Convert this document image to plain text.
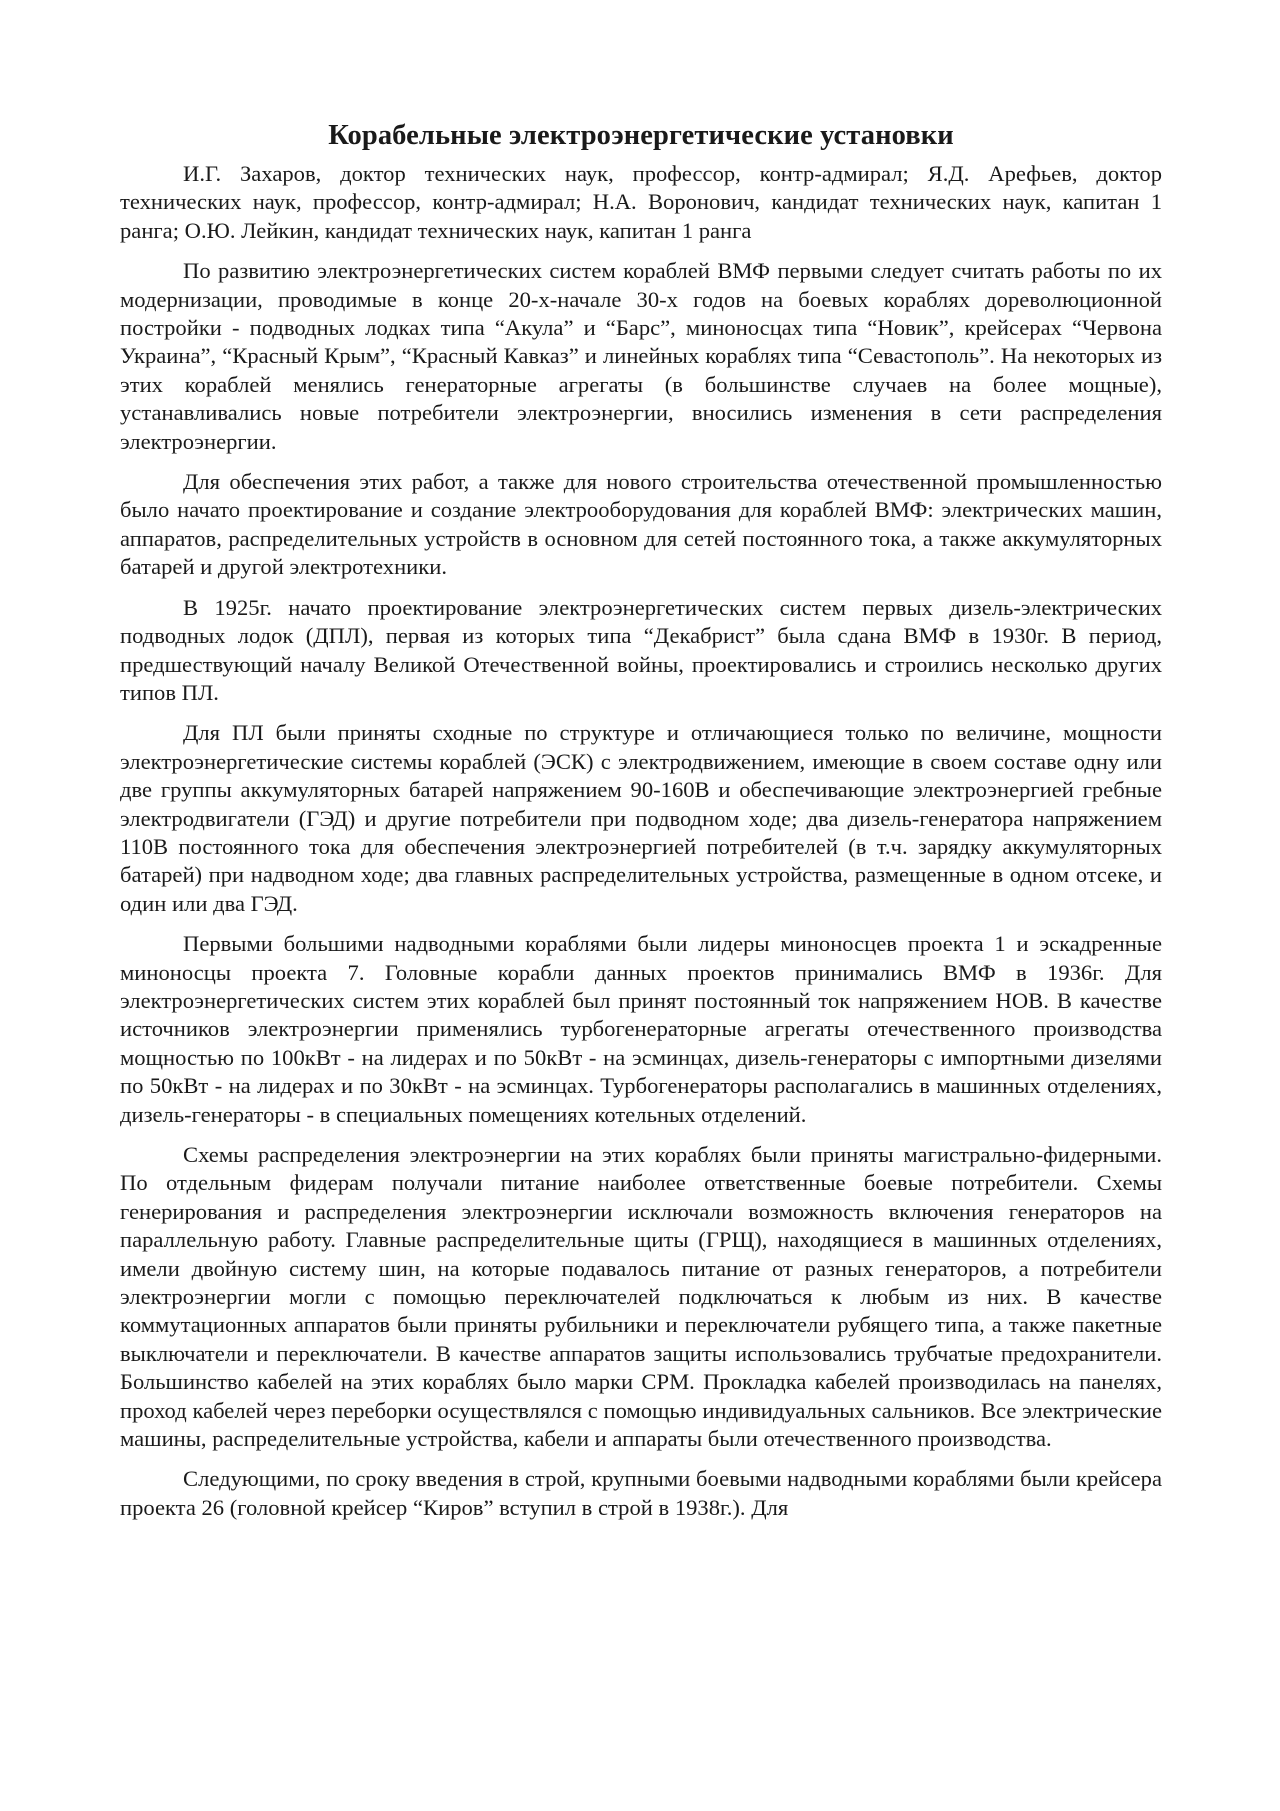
Корабельные электроэнергетические установки

И.Г. Захаров, доктор технических наук, профессор, контр-адмирал; Я.Д. Арефьев, доктор технических наук, профессор, контр-адмирал; Н.А. Воронович, кандидат технических наук, капитан 1 ранга; О.Ю. Лейкин, кандидат технических наук, капитан 1 ранга

По развитию электроэнергетических систем кораблей ВМФ первыми следует считать работы по их модернизации, проводимые в конце 20-х-начале 30-х годов на боевых кораблях дореволюционной постройки - подводных лодках типа “Акула” и “Барс”, миноносцах типа “Новик”, крейсерах “Червона Украина”, “Красный Крым”, “Красный Кавказ” и линейных кораблях типа “Севастополь”. На некоторых из этих кораблей менялись генераторные агрегаты (в большинстве случаев на более мощные), устанавливались новые потребители электроэнергии, вносились изменения в сети распределения электроэнергии.

Для обеспечения этих работ, а также для нового строительства отечественной промышленностью было начато проектирование и создание электрооборудования для кораблей ВМФ: электрических машин, аппаратов, распределительных устройств в основном для сетей постоянного тока, а также аккумуляторных батарей и другой электротехники.

В 1925г. начато проектирование электроэнергетических систем первых дизель-электрических подводных лодок (ДПЛ), первая из которых типа “Декабрист” была сдана ВМФ в 1930г. В период, предшествующий началу Великой Отечественной войны, проектировались и строились несколько других типов ПЛ.

Для ПЛ были приняты сходные по структуре и отличающиеся только по величине, мощности электроэнергетические системы кораблей (ЭСК) с электродвижением, имеющие в своем составе одну или две группы аккумуляторных батарей напряжением 90-160В и обеспечивающие электроэнергией гребные электродвигатели (ГЭД) и другие потребители при подводном ходе; два дизель-генератора напряжением 110В постоянного тока для обеспечения электроэнергией потребителей (в т.ч. зарядку аккумуляторных батарей) при надводном ходе; два главных распределительных устройства, размещенные в одном отсеке, и один или два ГЭД.

Первыми большими надводными кораблями были лидеры миноносцев проекта 1 и эскадренные миноносцы проекта 7. Головные корабли данных проектов принимались ВМФ в 1936г. Для электроэнергетических систем этих кораблей был принят постоянный ток напряжением НОВ. В качестве источников электроэнергии применялись турбогенераторные агрегаты отечественного производства мощностью по 100кВт - на лидерах и по 50кВт - на эсминцах, дизель-генераторы с импортными дизелями по 50кВт - на лидерах и по 30кВт - на эсминцах. Турбогенераторы располагались в машинных отделениях, дизель-генераторы - в специальных помещениях котельных отделений.

Схемы распределения электроэнергии на этих кораблях были приняты магистрально-фидерными. По отдельным фидерам получали питание наиболее ответственные боевые потребители. Схемы генерирования и распределения электроэнергии исключали возможность включения генераторов на параллельную работу. Главные распределительные щиты (ГРЩ), находящиеся в машинных отделениях, имели двойную систему шин, на которые подавалось питание от разных генераторов, а потребители электроэнергии могли с помощью переключателей подключаться к любым из них. В качестве коммутационных аппаратов были приняты рубильники и переключатели рубящего типа, а также пакетные выключатели и переключатели. В качестве аппаратов защиты использовались трубчатые предохранители. Большинство кабелей на этих кораблях было марки СРМ. Прокладка кабелей производилась на панелях, проход кабелей через переборки осуществлялся с помощью индивидуальных сальников. Все электрические машины, распределительные устройства, кабели и аппараты были отечественного производства.

Следующими, по сроку введения в строй, крупными боевыми надводными кораблями были крейсера проекта 26 (головной крейсер “Киров” вступил в строй в 1938г.). Для
